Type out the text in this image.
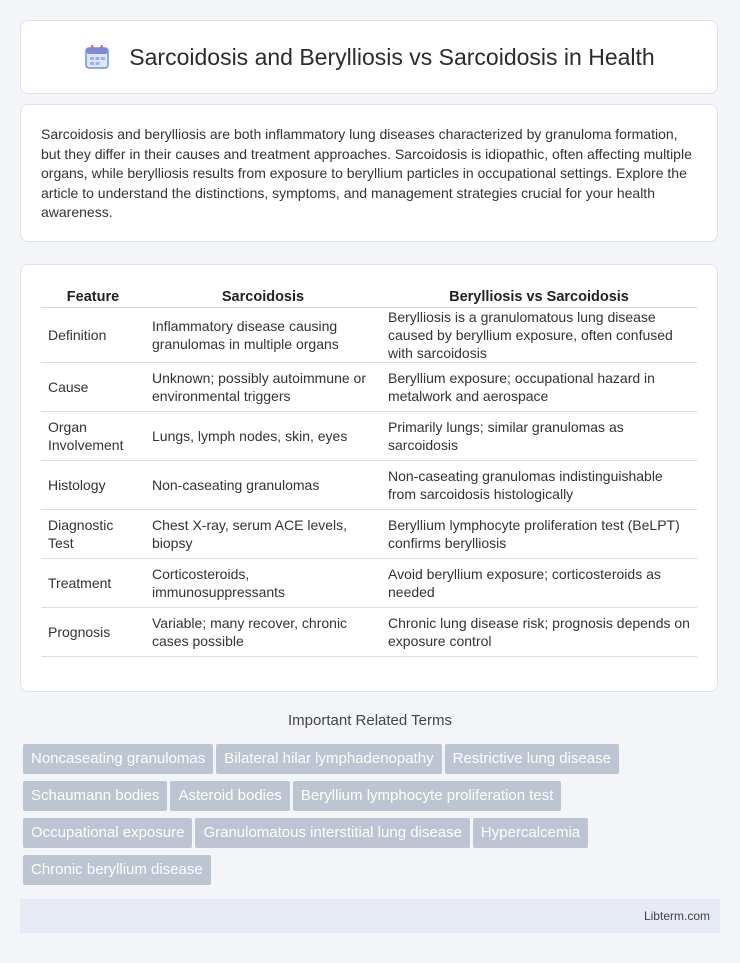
Sarcoidosis and Berylliosis vs Sarcoidosis in Health

Sarcoidosis and berylliosis are both inflammatory lung diseases characterized by granuloma formation, but they differ in their causes and treatment approaches. Sarcoidosis is idiopathic, often affecting multiple organs, while berylliosis results from exposure to beryllium particles in occupational settings. Explore the article to understand the distinctions, symptoms, and management strategies crucial for your health awareness.

Feature	Sarcoidosis	Berylliosis vs Sarcoidosis
Definition	Inflammatory disease causing granulomas in multiple organs	Berylliosis is a granulomatous lung disease caused by beryllium exposure, often confused with sarcoidosis
Cause	Unknown; possibly autoimmune or environmental triggers	Beryllium exposure; occupational hazard in metalwork and aerospace
Organ Involvement	Lungs, lymph nodes, skin, eyes	Primarily lungs; similar granulomas as sarcoidosis
Histology	Non-caseating granulomas	Non-caseating granulomas indistinguishable from sarcoidosis histologically
Diagnostic Test	Chest X-ray, serum ACE levels, biopsy	Beryllium lymphocyte proliferation test (BeLPT) confirms berylliosis
Treatment	Corticosteroids, immunosuppressants	Avoid beryllium exposure; corticosteroids as needed
Prognosis	Variable; many recover, chronic cases possible	Chronic lung disease risk; prognosis depends on exposure control
Important Related Terms
Noncaseating granulomas Bilateral hilar lymphadenopathy Restrictive lung diseaseSchaumann bodies Asteroid bodies Beryllium lymphocyte proliferation testOccupational exposure Granulomatous interstitial lung disease HypercalcemiaChronic beryllium disease
Libterm.com
